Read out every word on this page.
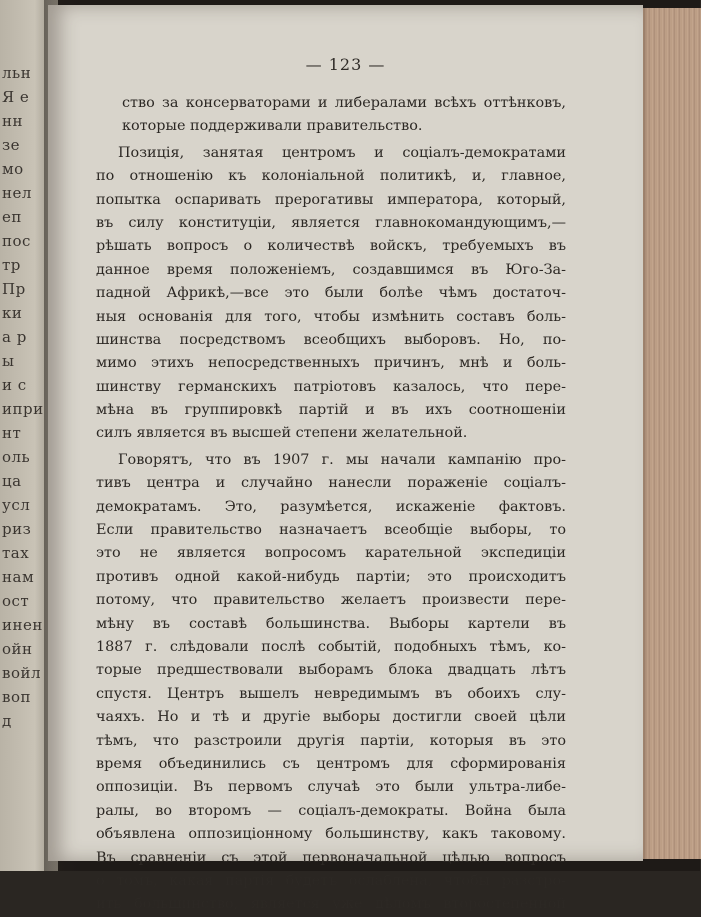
льн
Я е
нн
зе
мо
нел
еп
пос
тр
Пр
ки
а р
ы
и с
ипри
нт
оль
ца
усл
риз
тах
нам
ост
инен
ойн
войл
воп
д
— 123 —
ство за консерваторами и либералами всѣхъ оттѣнковъ,
которые поддерживали правительство.
Позиція, занятая центромъ и соціалъ-демократами
по отношенію къ колоніальной политикѣ, и, главное,
попытка оспаривать прерогативы императора, который,
въ силу конституціи, является главнокомандующимъ,—
рѣшать вопросъ о количествѣ войскъ, требуемыхъ въ
данное время положеніемъ, создавшимся въ Юго-За-
падной Африкѣ,—все это были болѣе чѣмъ достаточ-
ныя основанія для того, чтобы измѣнить составъ боль-
шинства посредствомъ всеобщихъ выборовъ. Но, по-
мимо этихъ непосредственныхъ причинъ, мнѣ и боль-
шинству германскихъ патріотовъ казалось, что пере-
мѣна въ группировкѣ партій и въ ихъ соотношеніи
силъ является въ высшей степени желательной.
Говорятъ, что въ 1907 г. мы начали кампанію про-
тивъ центра и случайно нанесли пораженіе соціалъ-
демократамъ. Это, разумѣется, искаженіе фактовъ.
Если правительство назначаетъ всеобщіе выборы, то
это не является вопросомъ карательной экспедиціи
противъ одной какой-нибудь партіи; это происходитъ
потому, что правительство желаетъ произвести пере-
мѣну въ составѣ большинства. Выборы картели въ
1887 г. слѣдовали послѣ событій, подобныхъ тѣмъ, ко-
торые предшествовали выборамъ блока двадцать лѣтъ
спустя. Центръ вышелъ невредимымъ въ обоихъ слу-
чаяхъ. Но и тѣ и другіе выборы достигли своей цѣли
тѣмъ, что разстроили другія партіи, которыя въ это
время объединились съ центромъ для сформированія
оппозиціи. Въ первомъ случаѣ это были ультра-либе-
ралы, во второмъ — соціалъ-демократы. Война была
объявлена оппозиціонному большинству, какъ таковому.
Въ сравненіи съ этой первоначальной цѣлью вопросъ
о томъ, какая партія будетъ ослаблена, чтобы разстро-
ить большинство, является уже дѣломъ второстепенной
